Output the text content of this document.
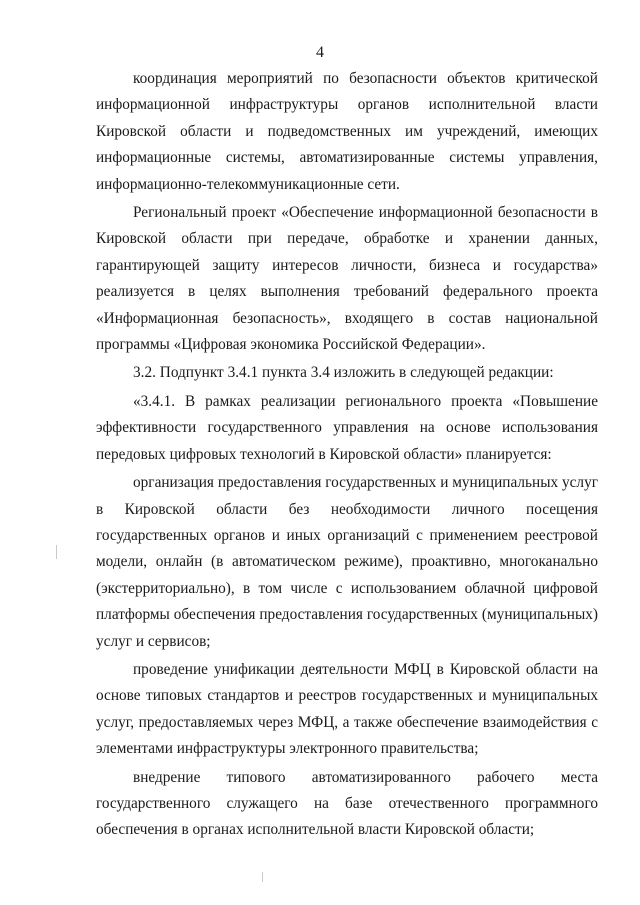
4

координация мероприятий по безопасности объектов критической информационной инфраструктуры органов исполнительной власти Кировской области и подведомственных им учреждений, имеющих информационные системы, автоматизированные системы управления, информационно-телекоммуникационные сети.

Региональный проект «Обеспечение информационной безопасности в Кировской области при передаче, обработке и хранении данных, гарантирующей защиту интересов личности, бизнеса и государства» реализуется в целях выполнения требований федерального проекта «Информационная безопасность», входящего в состав национальной программы «Цифровая экономика Российской Федерации».

3.2. Подпункт 3.4.1 пункта 3.4 изложить в следующей редакции:

«3.4.1. В рамках реализации регионального проекта «Повышение эффективности государственного управления на основе использования передовых цифровых технологий в Кировской области» планируется:

организация предоставления государственных и муниципальных услуг в Кировской области без необходимости личного посещения государственных органов и иных организаций с применением реестровой модели, онлайн (в автоматическом режиме), проактивно, многоканально (экстерриториально), в том числе с использованием облачной цифровой платформы обеспечения предоставления государственных (муниципальных) услуг и сервисов;

проведение унификации деятельности МФЦ в Кировской области на основе типовых стандартов и реестров государственных и муниципальных услуг, предоставляемых через МФЦ, а также обеспечение взаимодействия с элементами инфраструктуры электронного правительства;

внедрение типового автоматизированного рабочего места государственного служащего на базе отечественного программного обеспечения в органах исполнительной власти Кировской области;
